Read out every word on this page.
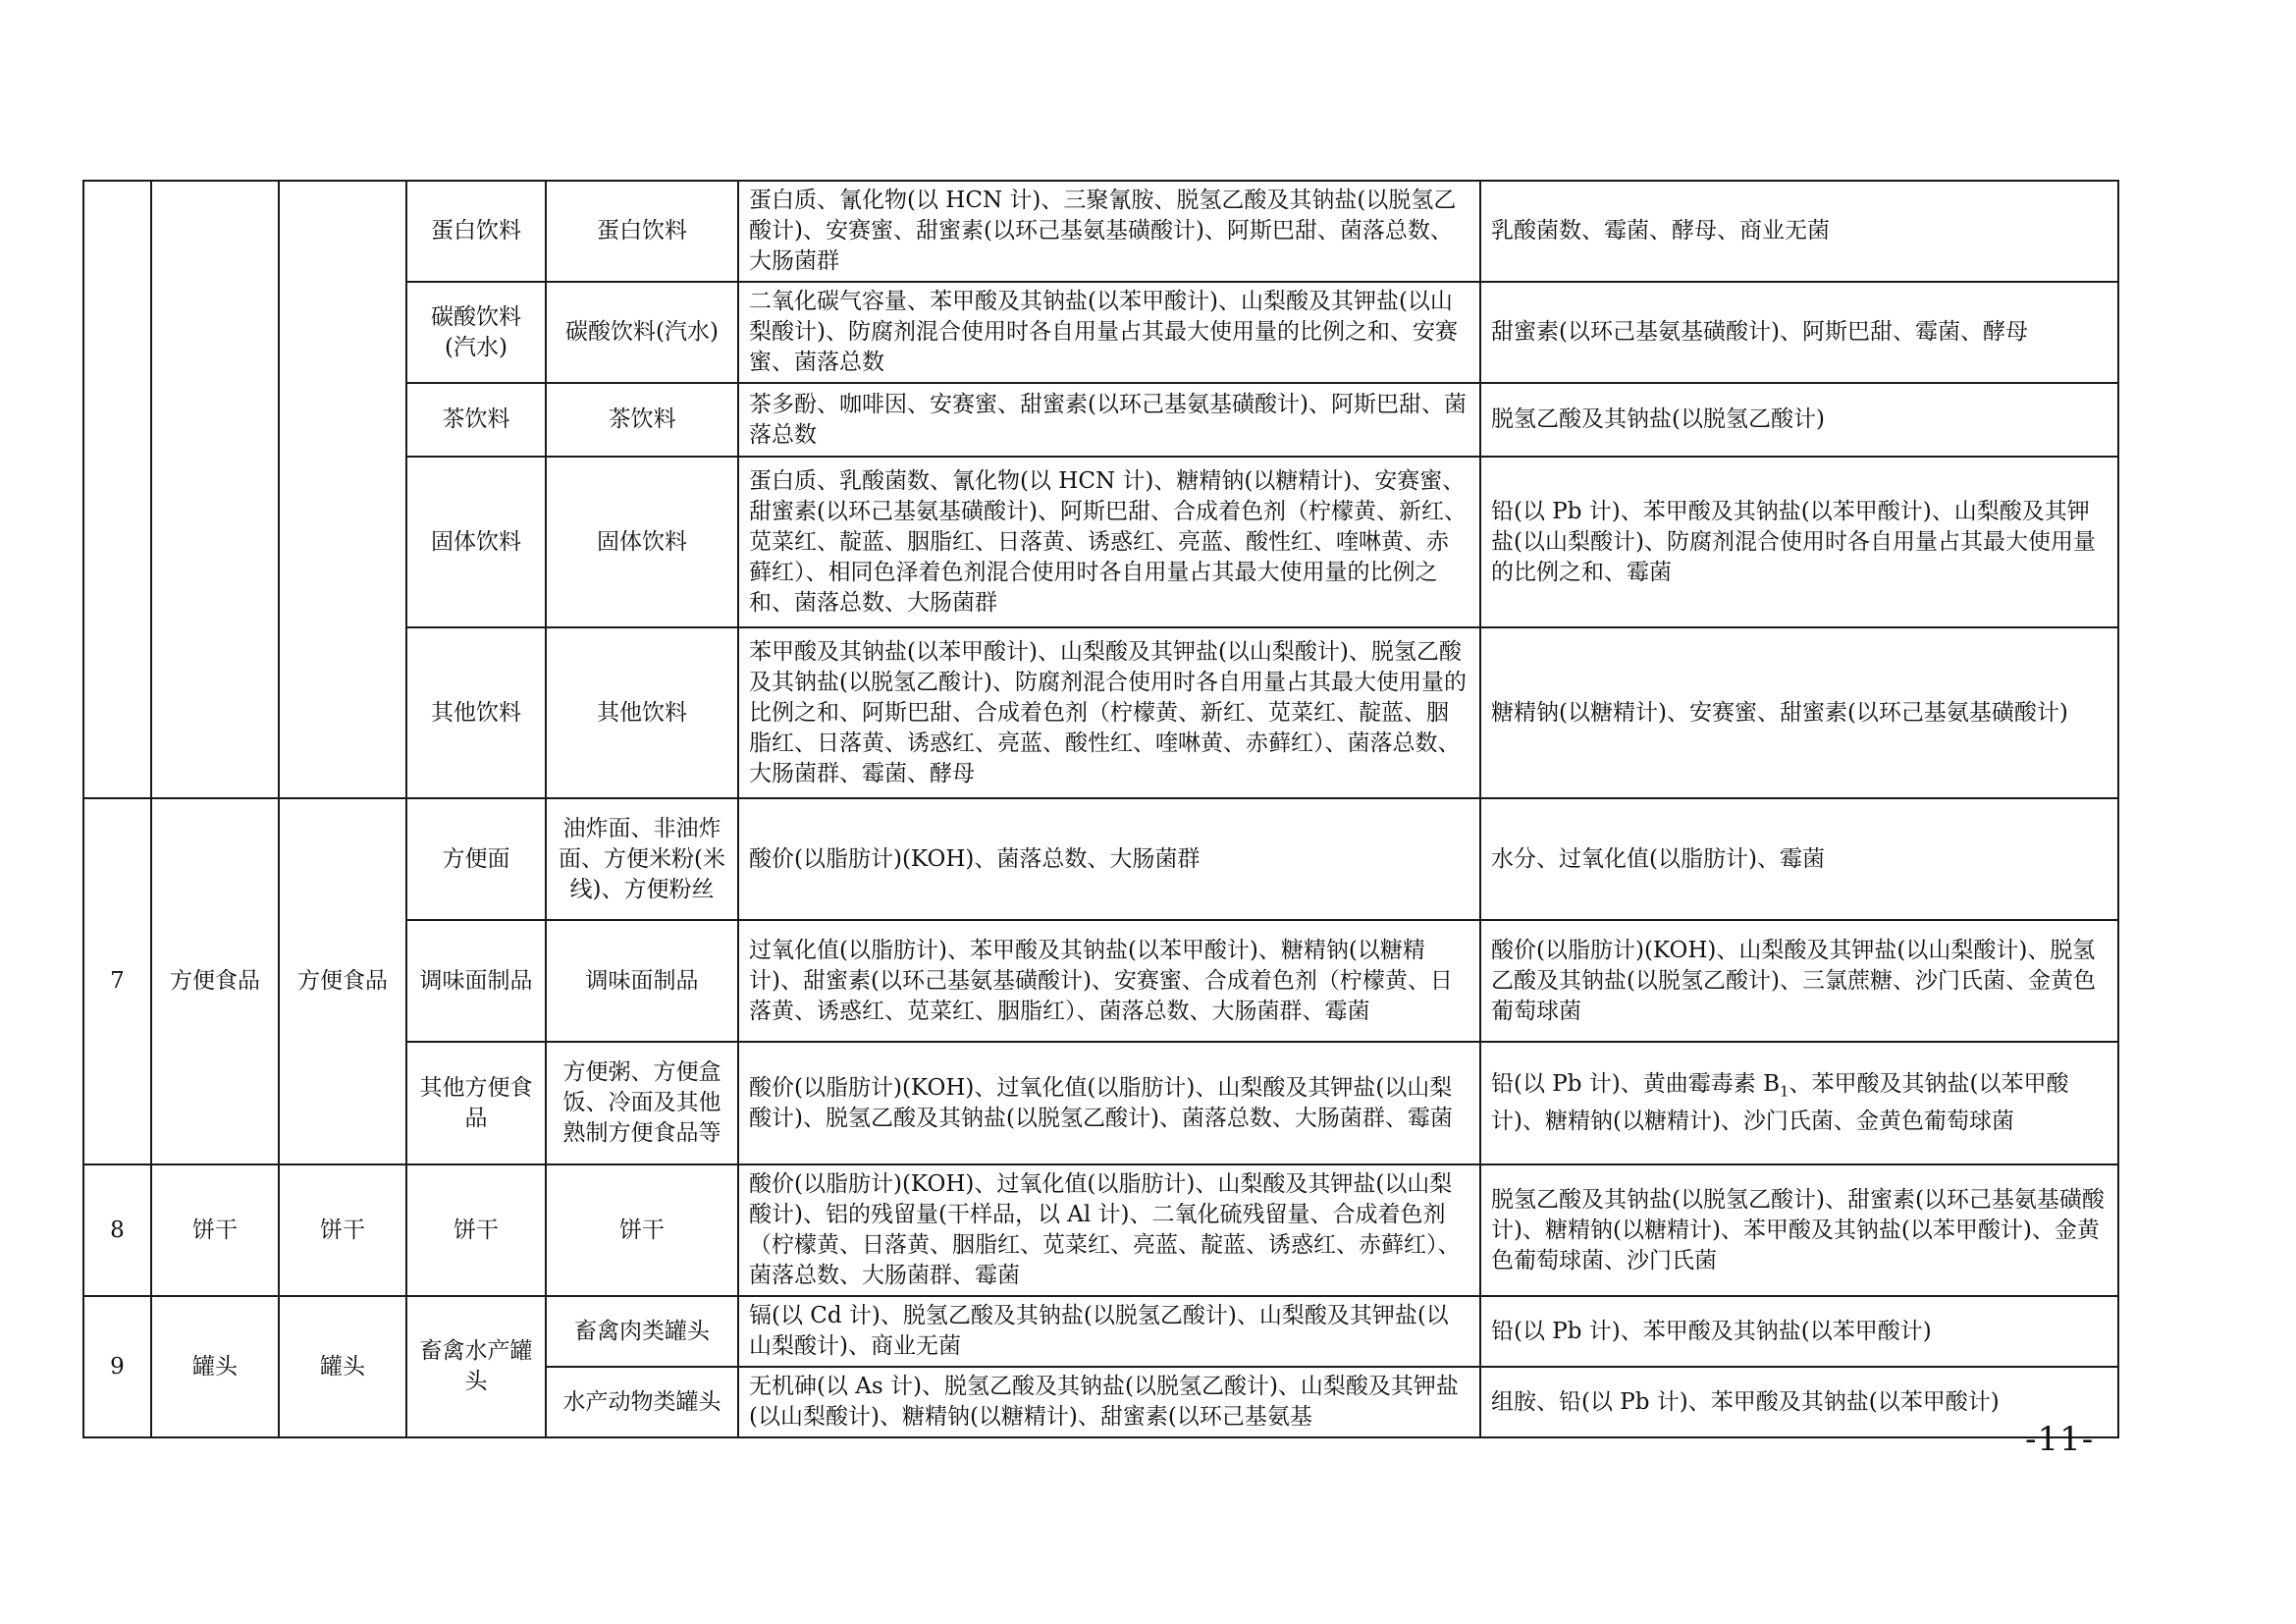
			蛋白饮料	蛋白饮料	蛋白质、氰化物(以 HCN 计)、三聚氰胺、脱氢乙酸及其钠盐(以脱氢乙酸计)、安赛蜜、甜蜜素(以环己基氨基磺酸计)、阿斯巴甜、菌落总数、大肠菌群	乳酸菌数、霉菌、酵母、商业无菌
			碳酸饮料(汽水)	碳酸饮料(汽水)	二氧化碳气容量、苯甲酸及其钠盐(以苯甲酸计)、山梨酸及其钾盐(以山梨酸计)、防腐剂混合使用时各自用量占其最大使用量的比例之和、安赛蜜、菌落总数	甜蜜素(以环己基氨基磺酸计)、阿斯巴甜、霉菌、酵母
			茶饮料	茶饮料	茶多酚、咖啡因、安赛蜜、甜蜜素(以环己基氨基磺酸计)、阿斯巴甜、菌落总数	脱氢乙酸及其钠盐(以脱氢乙酸计)
			固体饮料	固体饮料	蛋白质、乳酸菌数、氰化物(以 HCN 计)、糖精钠(以糖精计)、安赛蜜、甜蜜素(以环己基氨基磺酸计)、阿斯巴甜、合成着色剂（柠檬黄、新红、苋菜红、靛蓝、胭脂红、日落黄、诱惑红、亮蓝、酸性红、喹啉黄、赤藓红）、相同色泽着色剂混合使用时各自用量占其最大使用量的比例之和、菌落总数、大肠菌群	铅(以 Pb 计)、苯甲酸及其钠盐(以苯甲酸计)、山梨酸及其钾盐(以山梨酸计)、防腐剂混合使用时各自用量占其最大使用量的比例之和、霉菌
			其他饮料	其他饮料	苯甲酸及其钠盐(以苯甲酸计)、山梨酸及其钾盐(以山梨酸计)、脱氢乙酸及其钠盐(以脱氢乙酸计)、防腐剂混合使用时各自用量占其最大使用量的比例之和、阿斯巴甜、合成着色剂（柠檬黄、新红、苋菜红、靛蓝、胭脂红、日落黄、诱惑红、亮蓝、酸性红、喹啉黄、赤藓红）、菌落总数、大肠菌群、霉菌、酵母	糖精钠(以糖精计)、安赛蜜、甜蜜素(以环己基氨基磺酸计)
7	方便食品	方便食品	方便面	油炸面、非油炸面、方便米粉(米线)、方便粉丝	酸价(以脂肪计)(KOH)、菌落总数、大肠菌群	水分、过氧化值(以脂肪计)、霉菌
			调味面制品	调味面制品	过氧化值(以脂肪计)、苯甲酸及其钠盐(以苯甲酸计)、糖精钠(以糖精计)、甜蜜素(以环己基氨基磺酸计)、安赛蜜、合成着色剂（柠檬黄、日落黄、诱惑红、苋菜红、胭脂红）、菌落总数、大肠菌群、霉菌	酸价(以脂肪计)(KOH)、山梨酸及其钾盐(以山梨酸计)、脱氢乙酸及其钠盐(以脱氢乙酸计)、三氯蔗糖、沙门氏菌、金黄色葡萄球菌
			其他方便食品	方便粥、方便盒饭、冷面及其他熟制方便食品等	酸价(以脂肪计)(KOH)、过氧化值(以脂肪计)、山梨酸及其钾盐(以山梨酸计)、脱氢乙酸及其钠盐(以脱氢乙酸计)、菌落总数、大肠菌群、霉菌	铅(以 Pb 计)、黄曲霉毒素 $B_1$、苯甲酸及其钠盐(以苯甲酸计)、糖精钠(以糖精计)、沙门氏菌、金黄色葡萄球菌
8	饼干	饼干	饼干	饼干	酸价(以脂肪计)(KOH)、过氧化值(以脂肪计)、山梨酸及其钾盐(以山梨酸计)、铝的残留量(干样品，以 Al 计)、二氧化硫残留量、合成着色剂（柠檬黄、日落黄、胭脂红、苋菜红、亮蓝、靛蓝、诱惑红、赤藓红）、菌落总数、大肠菌群、霉菌	脱氢乙酸及其钠盐(以脱氢乙酸计)、甜蜜素(以环己基氨基磺酸计)、糖精钠(以糖精计)、苯甲酸及其钠盐(以苯甲酸计)、金黄色葡萄球菌、沙门氏菌
9	罐头	罐头	畜禽水产罐头	畜禽肉类罐头	镉(以 Cd 计)、脱氢乙酸及其钠盐(以脱氢乙酸计)、山梨酸及其钾盐(以山梨酸计)、商业无菌	铅(以 Pb 计)、苯甲酸及其钠盐(以苯甲酸计)
				水产动物类罐头	无机砷(以 As 计)、脱氢乙酸及其钠盐(以脱氢乙酸计)、山梨酸及其钾盐(以山梨酸计)、糖精钠(以糖精计)、甜蜜素(以环己基氨基	组胺、铅(以 Pb 计)、苯甲酸及其钠盐(以苯甲酸计)
-11-
